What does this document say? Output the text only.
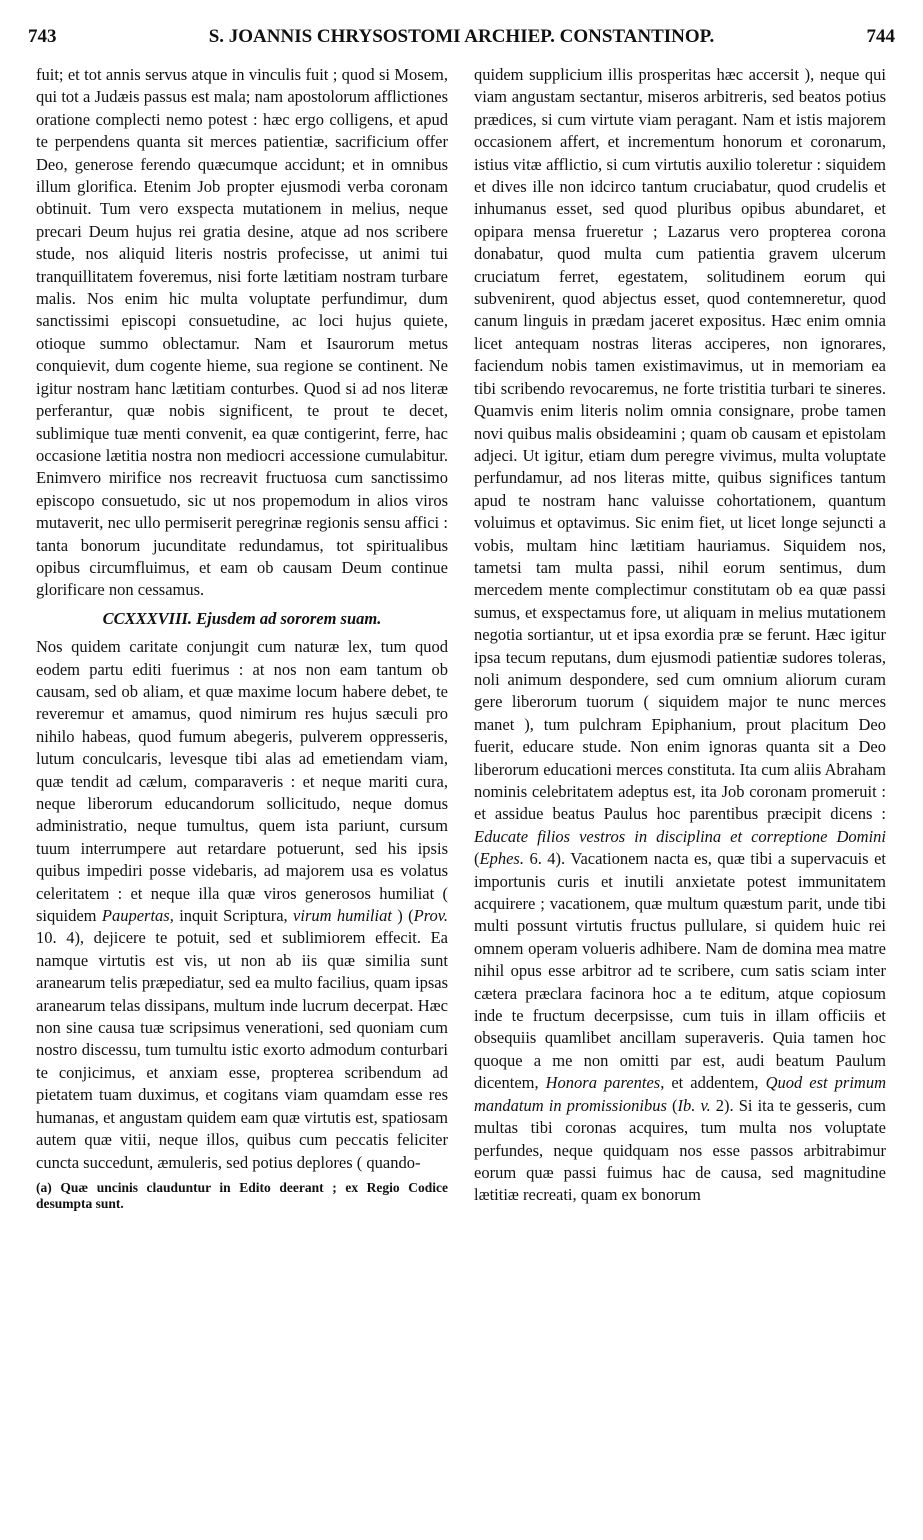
743	S. JOANNIS CHRYSOSTOMI ARCHIEP. CONSTANTINOP.	744

fuit; et tot annis servus atque in vinculis fuit ; quod si Mosem, qui tot a Judæis passus est mala; nam apostolorum afflictiones oratione complecti nemo potest : hæc ergo colligens, et apud te perpendens quanta sit merces patientiæ, sacrificium offer Deo, generose ferendo quæcumque accidunt; et in omnibus illum glorifica. Etenim Job propter ejusmodi verba coronam obtinuit. Tum vero exspecta mutationem in melius, neque precari Deum hujus rei gratia desine, atque ad nos scribere stude, nos aliquid literis nostris profecisse, ut animi tui tranquillitatem foveremus, nisi forte lætitiam nostram turbare malis. Nos enim hic multa voluptate perfundimur, dum sanctissimi episcopi consuetudine, ac loci hujus quiete, otioque summo oblectamur. Nam et Isaurorum metus conquievit, dum cogente hieme, sua regione se continent. Ne igitur nostram hanc lætitiam conturbes. Quod si ad nos literæ perferantur, quæ nobis significent, te prout te decet, sublimique tuæ menti convenit, ea quæ contigerint, ferre, hac occasione lætitia nostra non mediocri accessione cumulabitur. Enimvero mirifice nos recreavit fructuosa cum sanctissimo episcopo consuetudo, sic ut nos propemodum in alios viros mutaverit, nec ullo permiserit peregrinæ regionis sensu affici : tanta bonorum jucunditate redundamus, tot spiritualibus opibus circumfluimus, et eam ob causam Deum continue glorificare non cessamus.

CCXXXVIII. Ejusdem ad sororem suam.

Nos quidem caritate conjungit cum naturæ lex, tum quod eodem partu editi fuerimus : at nos non eam tantum ob causam, sed ob aliam, et quæ maxime locum habere debet, te reveremur et amamus, quod nimirum res hujus sæculi pro nihilo habeas, quod fumum abegeris, pulverem oppresseris, lutum conculcaris, levesque tibi alas ad emetiendam viam, quæ tendit ad cælum, comparaveris : et neque mariti cura, neque liberorum educandorum sollicitudo, neque domus administratio, neque tumultus, quem ista pariunt, cursum tuum interrumpere aut retardare potuerunt, sed his ipsis quibus impediri posse videbaris, ad majorem usa es volatus celeritatem : et neque illa quæ viros generosos humiliat ( siquidem Paupertas, inquit Scriptura, virum humiliat ) (Prov. 10. 4), dejicere te potuit, sed et sublimiorem effecit. Ea namque virtutis est vis, ut non ab iis quæ similia sunt aranearum telis præpediatur, sed ea multo facilius, quam ipsas aranearum telas dissipans, multum inde lucrum decerpat. Hæc non sine causa tuæ scripsimus venerationi, sed quoniam cum nostro discessu, tum tumultu istic exorto admodum conturbari te conjicimus, et anxiam esse, propterea scribendum ad pietatem tuam duximus, et cogitans viam quamdam esse res humanas, et angustam quidem eam quæ virtutis est, spatiosam autem quæ vitii, neque illos, quibus cum peccatis feliciter cuncta succedunt, æmuleris, sed potius deplores ( quando-

(a) Quæ uncinis clauduntur in Edito deerant ; ex Regio Codice desumpta sunt.

quidem supplicium illis prosperitas hæc accersit ), neque qui viam angustam sectantur, miseros arbitreris, sed beatos potius prædices, si cum virtute viam peragant. Nam et istis majorem occasionem affert, et incrementum honorum et coronarum, istius vitæ afflictio, si cum virtutis auxilio toleretur : siquidem et dives ille non idcirco tantum cruciabatur, quod crudelis et inhumanus esset, sed quod pluribus opibus abundaret, et opipara mensa frueretur ; Lazarus vero propterea corona donabatur, quod multa cum patientia gravem ulcerum cruciatum ferret, egestatem, solitudinem eorum qui subvenirent, quod abjectus esset, quod contemneretur, quod canum linguis in prædam jaceret expositus. Hæc enim omnia licet antequam nostras literas acciperes, non ignorares, faciendum nobis tamen existimavimus, ut in memoriam ea tibi scribendo revocaremus, ne forte tristitia turbari te sineres. Quamvis enim literis nolim omnia consignare, probe tamen novi quibus malis obsideamini ; quam ob causam et epistolam adjeci. Ut igitur, etiam dum peregre vivimus, multa voluptate perfundamur, ad nos literas mitte, quibus significes tantum apud te nostram hanc valuisse cohortationem, quantum voluimus et optavimus. Sic enim fiet, ut licet longe sejuncti a vobis, multam hinc lætitiam hauriamus. Siquidem nos, tametsi tam multa passi, nihil eorum sentimus, dum mercedem mente complectimur constitutam ob ea quæ passi sumus, et exspectamus fore, ut aliquam in melius mutationem negotia sortiantur, ut et ipsa exordia præ se ferunt. Hæc igitur ipsa tecum reputans, dum ejusmodi patientiæ sudores toleras, noli animum despondere, sed cum omnium aliorum curam gere liberorum tuorum ( siquidem major te nunc merces manet ), tum pulchram Epiphanium, prout placitum Deo fuerit, educare stude. Non enim ignoras quanta sit a Deo liberorum educationi merces constituta. Ita cum aliis Abraham nominis celebritatem adeptus est, ita Job coronam promeruit : et assidue beatus Paulus hoc parentibus præcipit dicens : Educate filios vestros in disciplina et correptione Domini (Ephes. 6. 4). Vacationem nacta es, quæ tibi a supervacuis et importunis curis et inutili anxietate potest immunitatem acquirere ; vacationem, quæ multum quæstum parit, unde tibi multi possunt virtutis fructus pullulare, si quidem huic rei omnem operam volueris adhibere. Nam de domina mea matre nihil opus esse arbitror ad te scribere, cum satis sciam inter cætera præclara facinora hoc a te editum, atque copiosum inde te fructum decerpsisse, cum tuis in illam officiis et obsequiis quamlibet ancillam superaveris. Quia tamen hoc quoque a me non omitti par est, audi beatum Paulum dicentem, Honora parentes, et addentem, Quod est primum mandatum in promissionibus (Ib. v. 2). Si ita te gesseris, cum multas tibi coronas acquires, tum multa nos voluptate perfundes, neque quidquam nos esse passos arbitrabimur eorum quæ passi fuimus hac de causa, sed magnitudine lætitiæ recreati, quam ex bonorum
